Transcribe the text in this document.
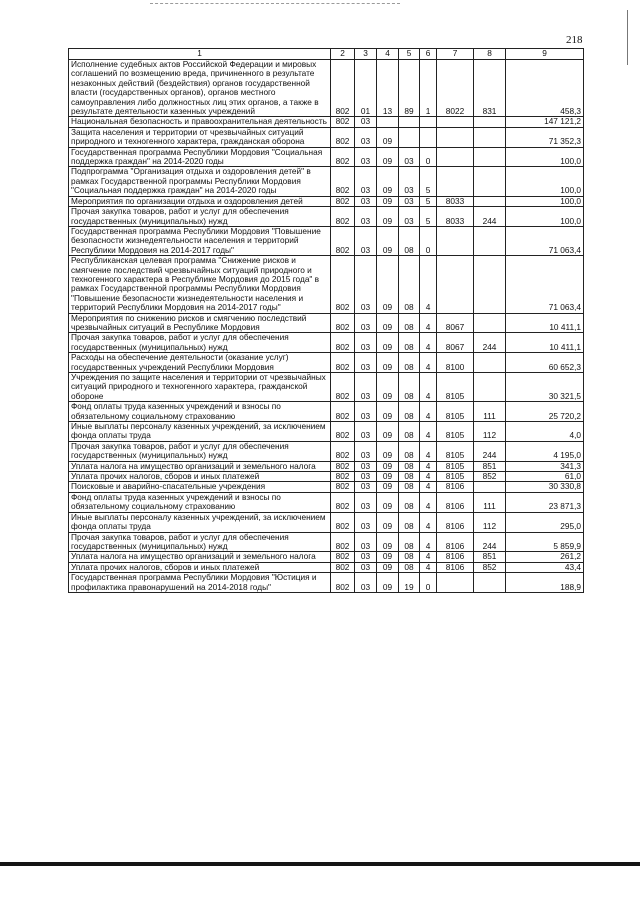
218
1	2	3	4	5	6	7	8	9
Исполнение судебных актов Российской Федерации и мировых соглашений по возмещению вреда, причиненного в результате незаконных действий (бездействия) органов государственной власти (государственных органов), органов местного самоуправления либо должностных лиц этих органов, а также в результате деятельности казенных учреждений	802	01	13	89	1	8022	831	458,3
Национальная безопасность и правоохранительная деятельность	802	03						147 121,2
Защита населения и территории от чрезвычайных ситуаций природного и техногенного характера, гражданская оборона	802	03	09					71 352,3
Государственная программа Республики Мордовия "Социальная поддержка граждан" на 2014-2020 годы	802	03	09	03	0			100,0
Подпрограмма "Организация отдыха и оздоровления детей" в рамках Государственной программы Республики Мордовия "Социальная поддержка граждан" на 2014-2020 годы	802	03	09	03	5			100,0
Мероприятия по организации отдыха и оздоровления детей	802	03	09	03	5	8033		100,0
Прочая закупка товаров, работ и услуг для обеспечения государственных (муниципальных) нужд	802	03	09	03	5	8033	244	100,0
Государственная программа Республики Мордовия "Повышение безопасности жизнедеятельности населения и территорий Республики Мордовия на 2014-2017 годы"	802	03	09	08	0			71 063,4
Республиканская целевая программа "Снижение рисков и смягчение последствий чрезвычайных ситуаций природного и техногенного характера в Республике Мордовия до 2015 года" в рамках Государственной программы Республики Мордовия "Повышение безопасности жизнедеятельности населения и территорий Республики Мордовия на 2014-2017 годы"	802	03	09	08	4			71 063,4
Мероприятия по снижению рисков и смягчению последствий чрезвычайных ситуаций в Республике Мордовия	802	03	09	08	4	8067		10 411,1
Прочая закупка товаров, работ и услуг для обеспечения государственных (муниципальных) нужд	802	03	09	08	4	8067	244	10 411,1
Расходы на обеспечение деятельности (оказание услуг) государственных учреждений Республики Мордовия	802	03	09	08	4	8100		60 652,3
Учреждения по защите населения и территории от чрезвычайных ситуаций природного и техногенного характера, гражданской обороне	802	03	09	08	4	8105		30 321,5
Фонд оплаты труда казенных учреждений и взносы по обязательному социальному страхованию	802	03	09	08	4	8105	111	25 720,2
Иные выплаты персоналу казенных учреждений, за исключением фонда оплаты труда	802	03	09	08	4	8105	112	4,0
Прочая закупка товаров, работ и услуг для обеспечения государственных (муниципальных) нужд	802	03	09	08	4	8105	244	4 195,0
Уплата налога на имущество организаций и земельного налога	802	03	09	08	4	8105	851	341,3
Уплата прочих налогов, сборов и иных платежей	802	03	09	08	4	8105	852	61,0
Поисковые и аварийно-спасательные учреждения	802	03	09	08	4	8106		30 330,8
Фонд оплаты труда казенных учреждений и взносы по обязательному социальному страхованию	802	03	09	08	4	8106	111	23 871,3
Иные выплаты персоналу казенных учреждений, за исключением фонда оплаты труда	802	03	09	08	4	8106	112	295,0
Прочая закупка товаров, работ и услуг для обеспечения государственных (муниципальных) нужд	802	03	09	08	4	8106	244	5 859,9
Уплата налога на имущество организаций и земельного налога	802	03	09	08	4	8106	851	261,2
Уплата прочих налогов, сборов и иных платежей	802	03	09	08	4	8106	852	43,4
Государственная программа Республики Мордовия "Юстиция и профилактика правонарушений на 2014-2018 годы"	802	03	09	19	0			188,9
